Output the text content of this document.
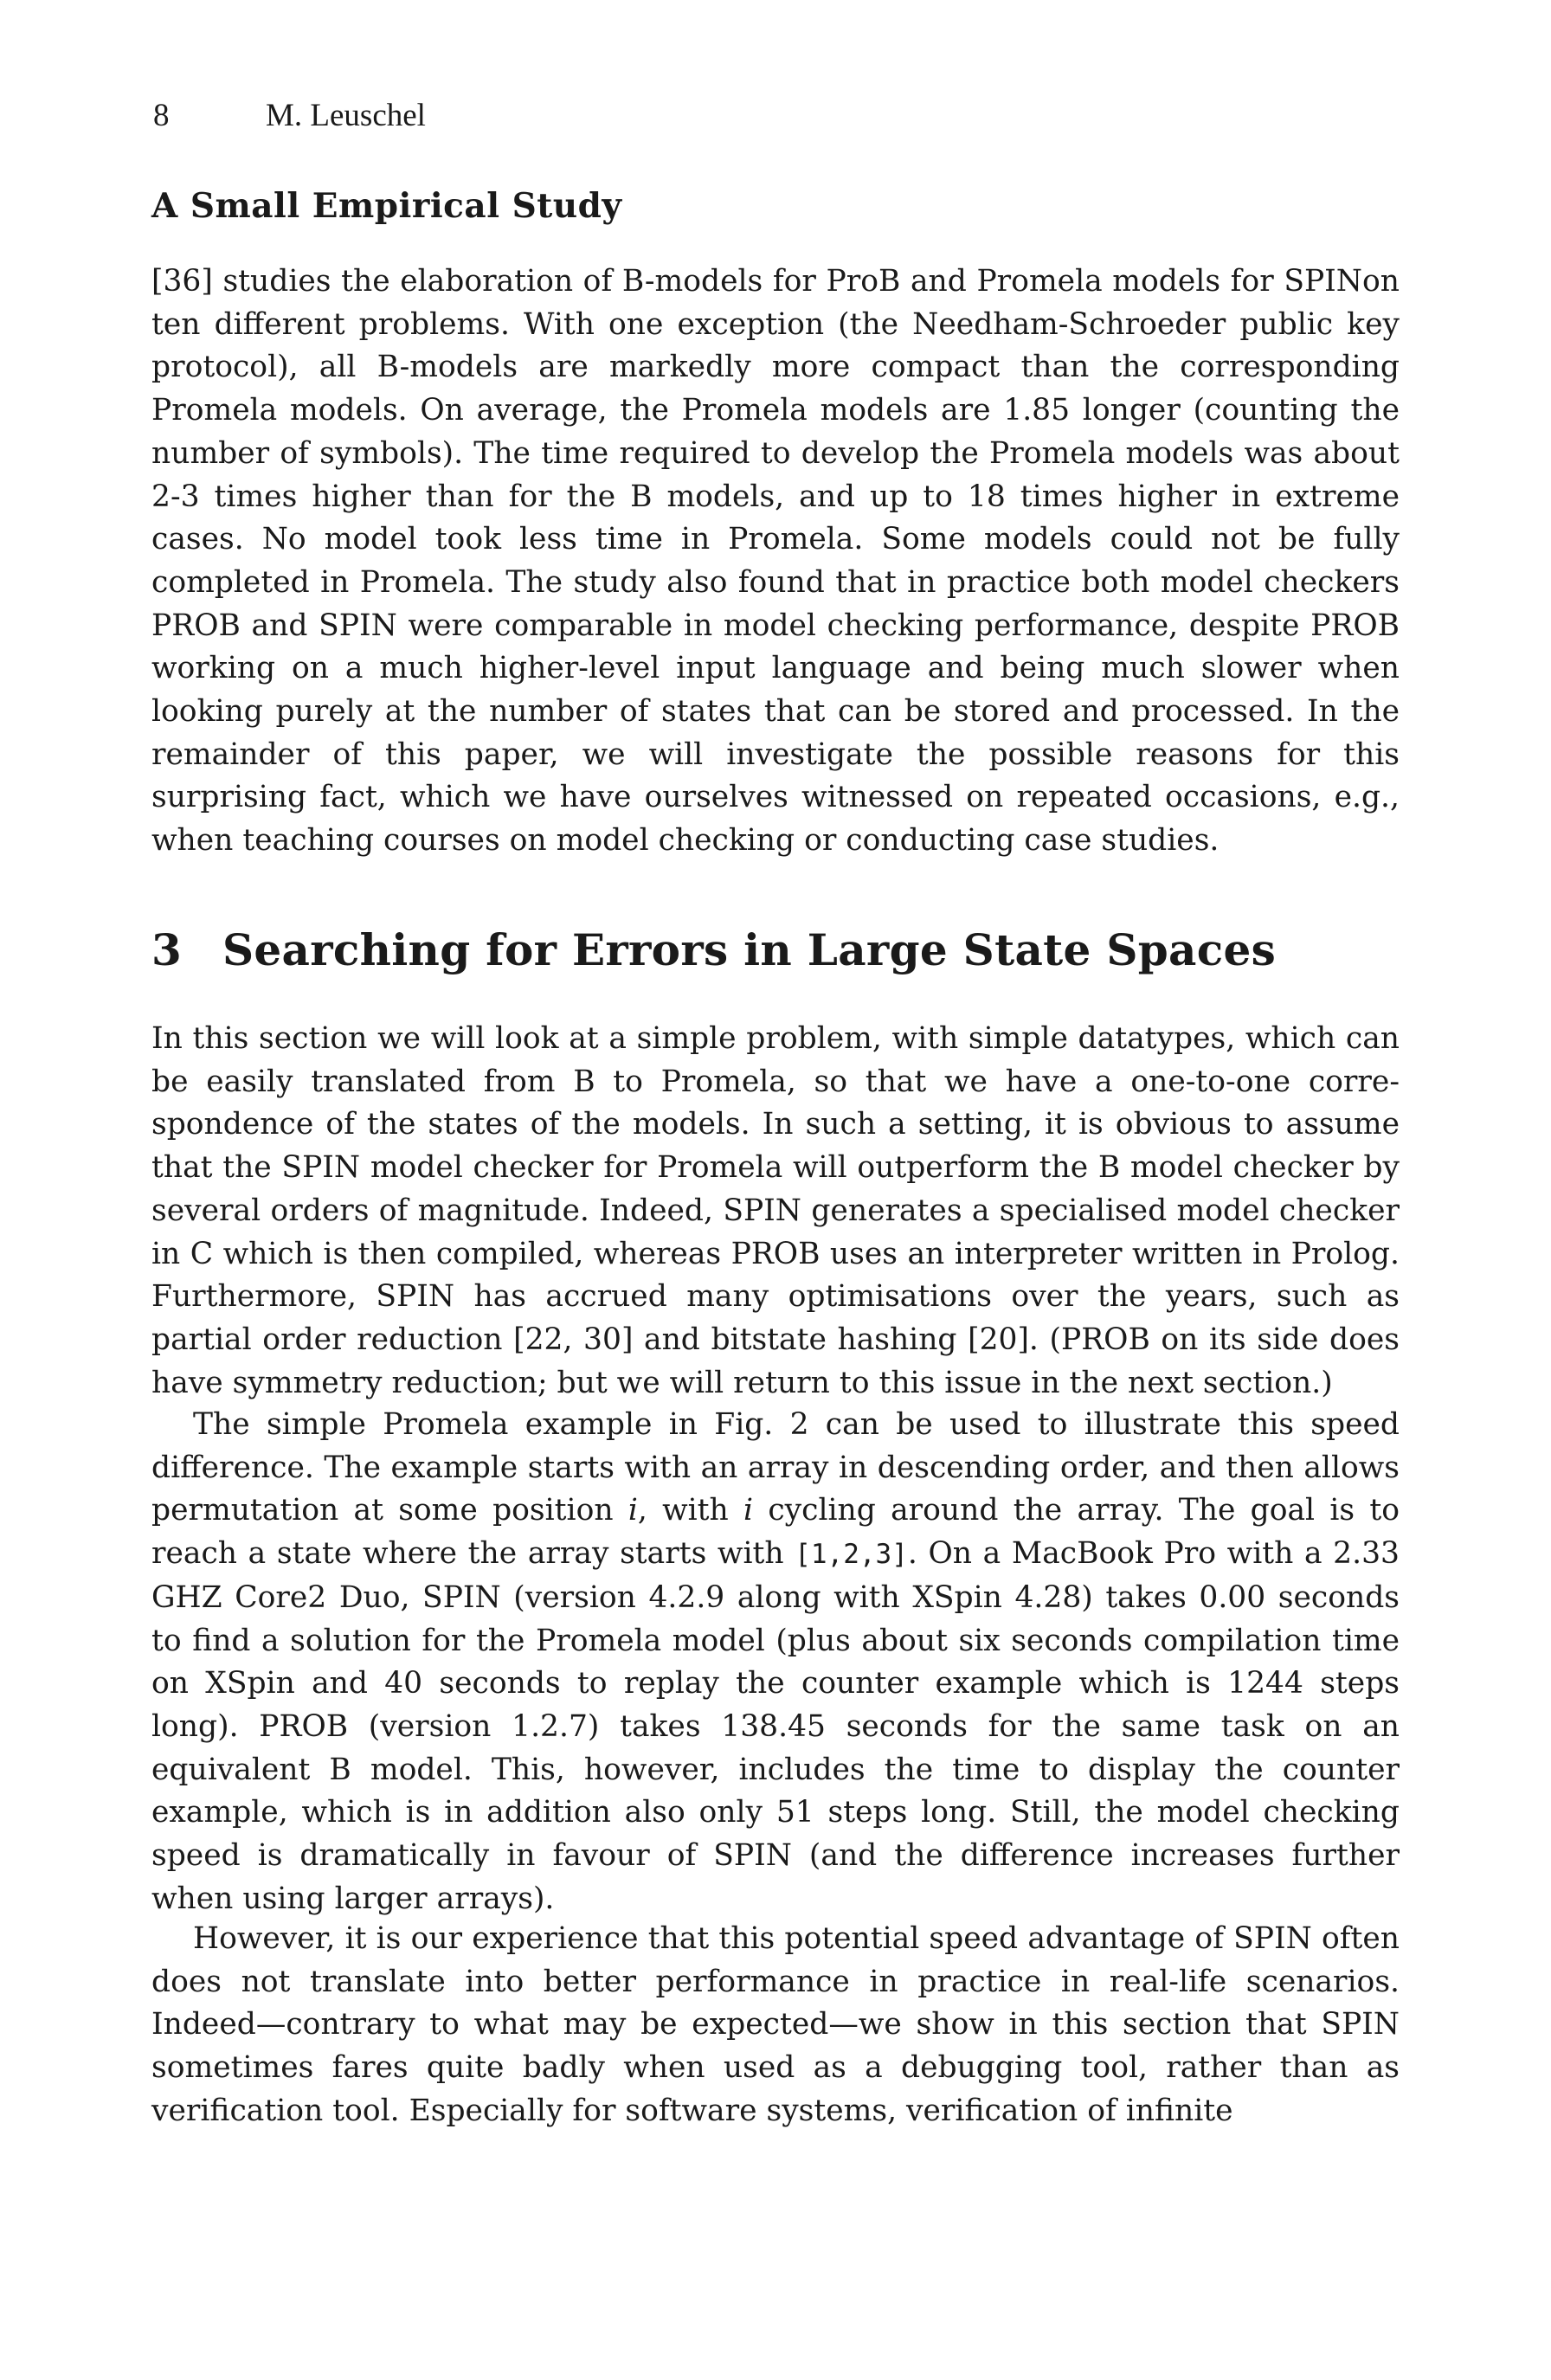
8	M. Leuschel
A Small Empirical Study

[36] studies the elaboration of B-models for ProB and Promela models for SPINon ten different problems. With one exception (the Needham-Schroeder public key protocol), all B-models are markedly more compact than the corresponding Promela models. On average, the Promela models are 1.85 longer (counting the number of symbols). The time required to develop the Promela models was about 2-3 times higher than for the B models, and up to 18 times higher in extreme cases. No model took less time in Promela. Some models could not be fully completed in Promela. The study also found that in practice both model checkers PROB and SPIN were comparable in model checking performance, despite PROB working on a much higher-level input language and being much slower when looking purely at the number of states that can be stored and processed. In the remainder of this paper, we will investigate the possible reasons for this surprising fact, which we have ourselves witnessed on repeated occasions, e.g., when teaching courses on model checking or conducting case studies.

3 Searching for Errors in Large State Spaces

In this section we will look at a simple problem, with simple datatypes, which can be easily translated from B to Promela, so that we have a one-to-one correspondence of the states of the models. In such a setting, it is obvious to assume that the SPIN model checker for Promela will outperform the B model checker by several orders of magnitude. Indeed, SPIN generates a specialised model checker in C which is then compiled, whereas PROB uses an interpreter written in Prolog. Furthermore, SPIN has accrued many optimisations over the years, such as partial order reduction [22, 30] and bitstate hashing [20]. (PROB on its side does have symmetry reduction; but we will return to this issue in the next section.)

The simple Promela example in Fig. 2 can be used to illustrate this speed difference. The example starts with an array in descending order, and then allows permutation at some position i, with i cycling around the array. The goal is to reach a state where the array starts with [1,2,3]. On a MacBook Pro with a 2.33 GHZ Core2 Duo, SPIN (version 4.2.9 along with XSpin 4.28) takes 0.00 seconds to find a solution for the Promela model (plus about six seconds compilation time on XSpin and 40 seconds to replay the counter example which is 1244 steps long). PROB (version 1.2.7) takes 138.45 seconds for the same task on an equivalent B model. This, however, includes the time to display the counter example, which is in addition also only 51 steps long. Still, the model checking speed is dramatically in favour of SPIN (and the difference increases further when using larger arrays).

However, it is our experience that this potential speed advantage of SPIN often does not translate into better performance in practice in real-life scenarios. Indeed—contrary to what may be expected—we show in this section that SPIN sometimes fares quite badly when used as a debugging tool, rather than as verification tool. Especially for software systems, verification of infinite
